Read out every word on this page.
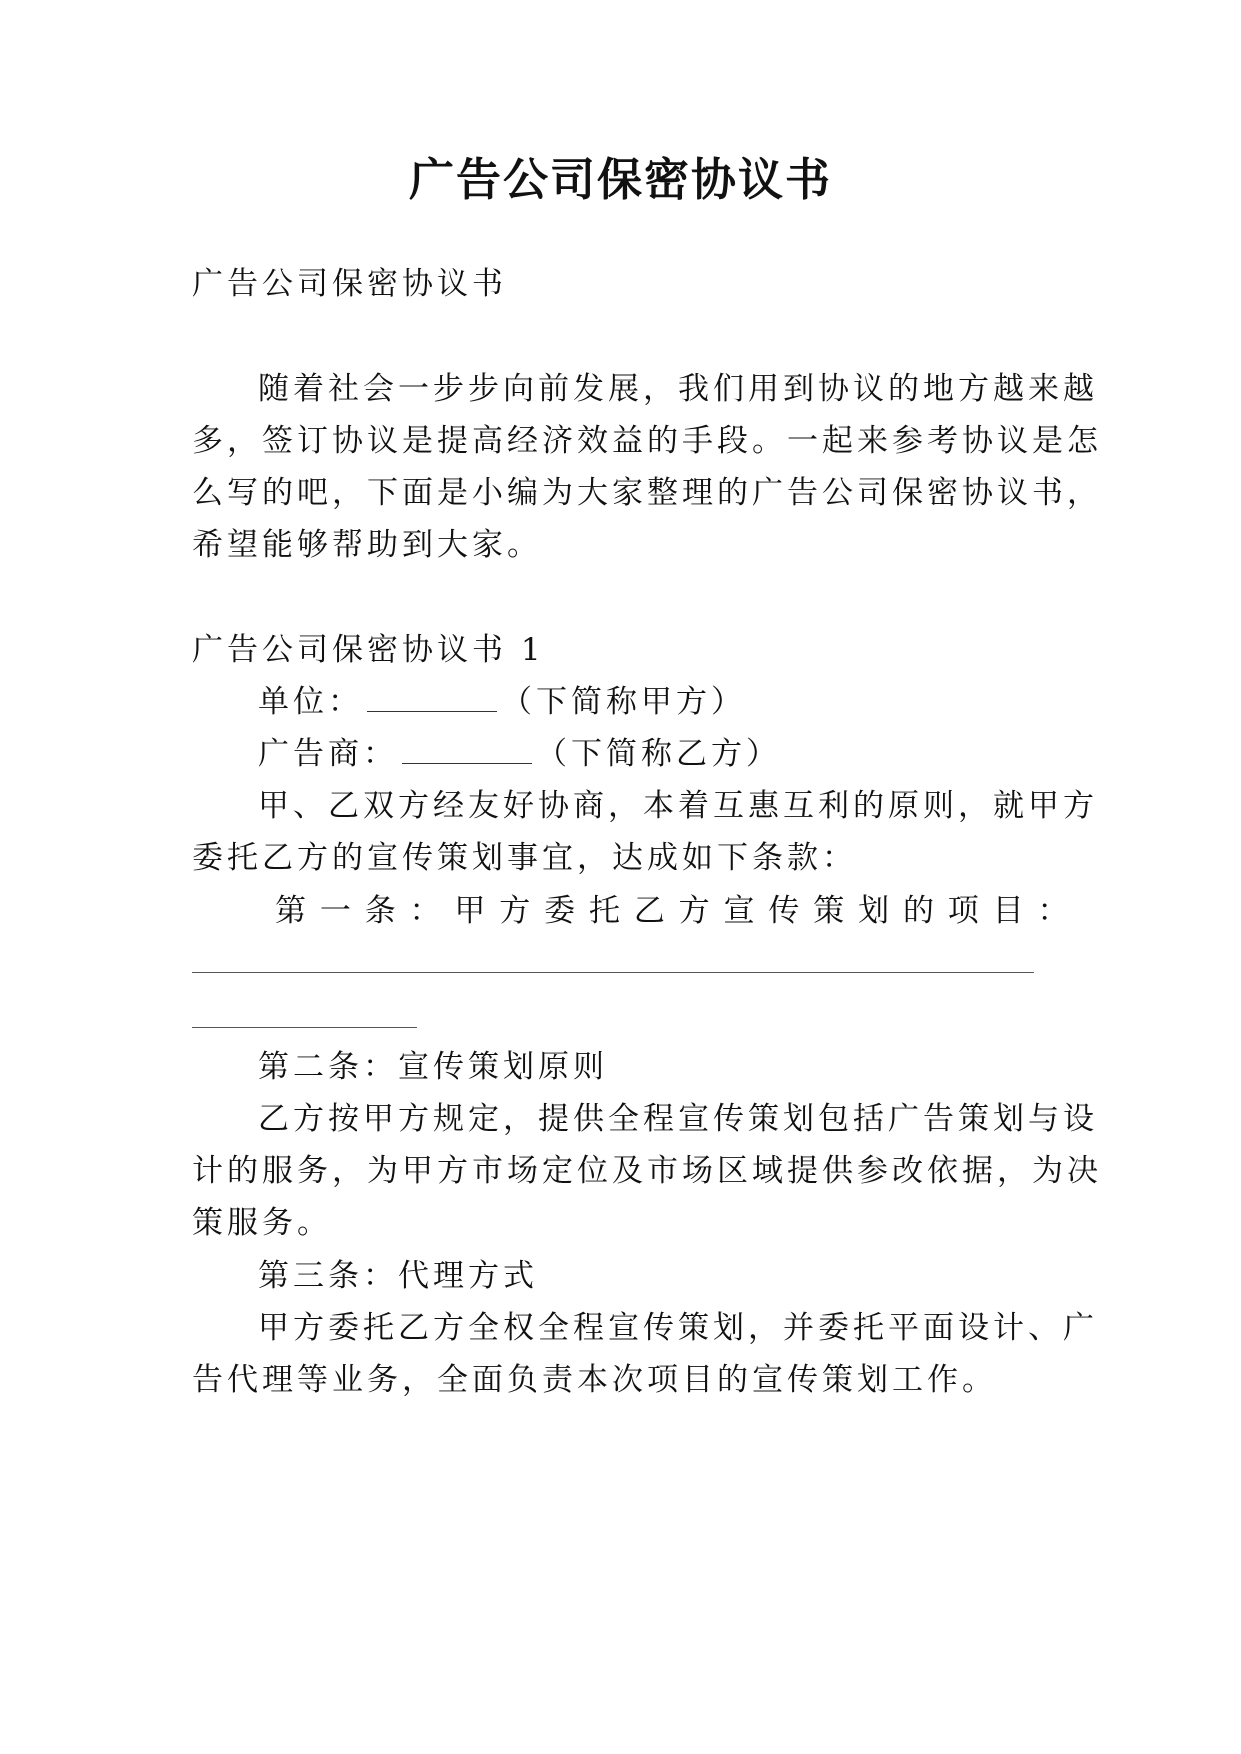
广告公司保密协议书
广告公司保密协议书
随着社会一步步向前发展，我们用到协议的地方越来越
多，签订协议是提高经济效益的手段。一起来参考协议是怎
么写的吧，下面是小编为大家整理的广告公司保密协议书，
希望能够帮助到大家。
广告公司保密协议书 1
单位：	（下简称甲方）
广告商：	（下简称乙方）
甲、乙双方经友好协商，本着互惠互利的原则，就甲方
委托乙方的宣传策划事宜，达成如下条款：
第 一 条 ： 甲 方 委 托 乙 方 宣 传 策 划 的 项 目 ：
第二条：宣传策划原则
乙方按甲方规定，提供全程宣传策划包括广告策划与设
计的服务，为甲方市场定位及市场区域提供参改依据，为决
策服务。
第三条：代理方式
甲方委托乙方全权全程宣传策划，并委托平面设计、广
告代理等业务，全面负责本次项目的宣传策划工作。
